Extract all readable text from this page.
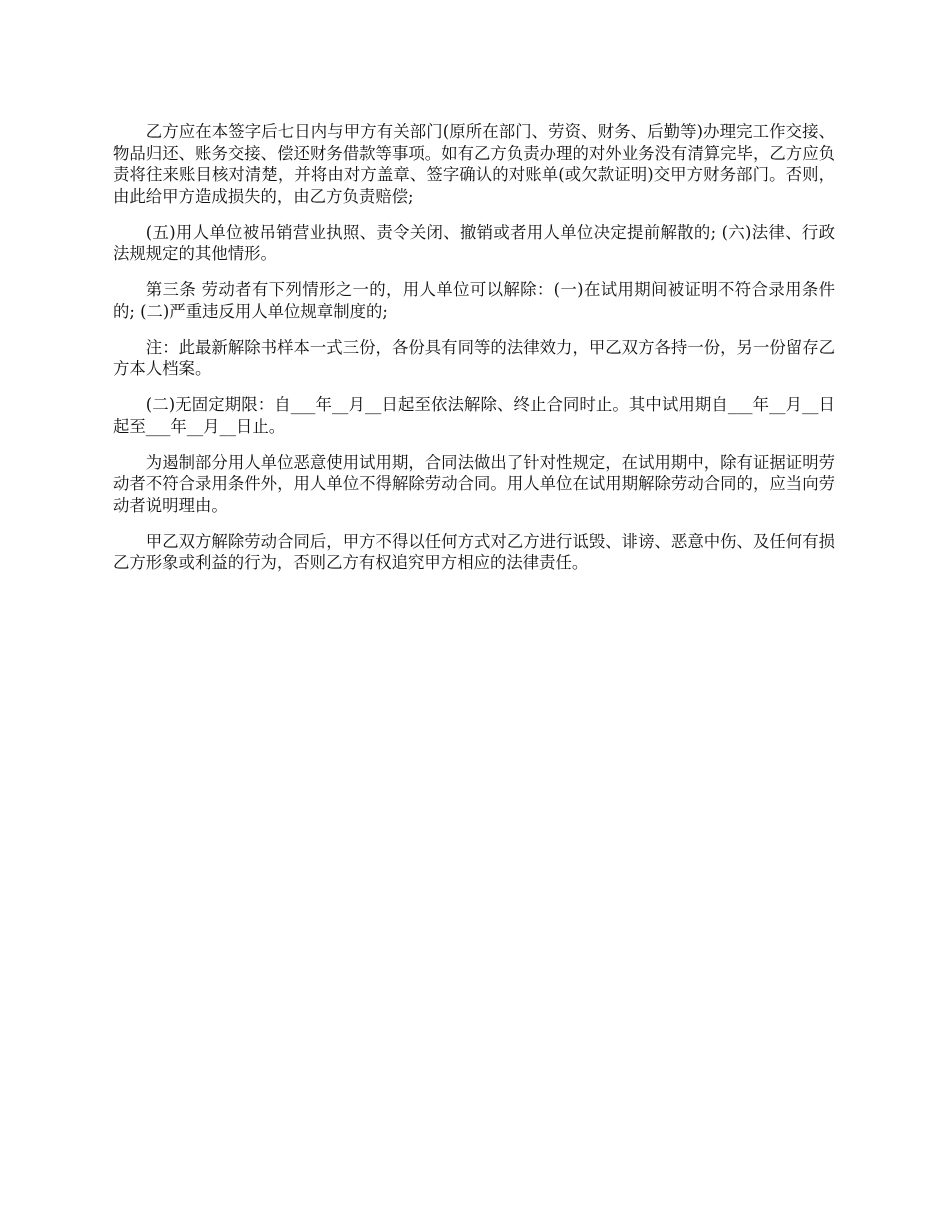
乙方应在本签字后七日内与甲方有关部门(原所在部门、劳资、财务、后勤等)办理完工作交接、物品归还、账务交接、偿还财务借款等事项。如有乙方负责办理的对外业务没有清算完毕，乙方应负责将往来账目核对清楚，并将由对方盖章、签字确认的对账单(或欠款证明)交甲方财务部门。否则，由此给甲方造成损失的，由乙方负责赔偿;

(五)用人单位被吊销营业执照、责令关闭、撤销或者用人单位决定提前解散的; (六)法律、行政法规规定的其他情形。

第三条 劳动者有下列情形之一的，用人单位可以解除：(一)在试用期间被证明不符合录用条件的; (二)严重违反用人单位规章制度的;

注：此最新解除书样本一式三份，各份具有同等的法律效力，甲乙双方各持一份，另一份留存乙方本人档案。

(二)无固定期限：自___年__月__日起至依法解除、终止合同时止。其中试用期自___年__月__日起至___年__月__日止。

为遏制部分用人单位恶意使用试用期，合同法做出了针对性规定，在试用期中，除有证据证明劳动者不符合录用条件外，用人单位不得解除劳动合同。用人单位在试用期解除劳动合同的，应当向劳动者说明理由。

甲乙双方解除劳动合同后，甲方不得以任何方式对乙方进行诋毁、诽谤、恶意中伤、及任何有损乙方形象或利益的行为，否则乙方有权追究甲方相应的法律责任。
